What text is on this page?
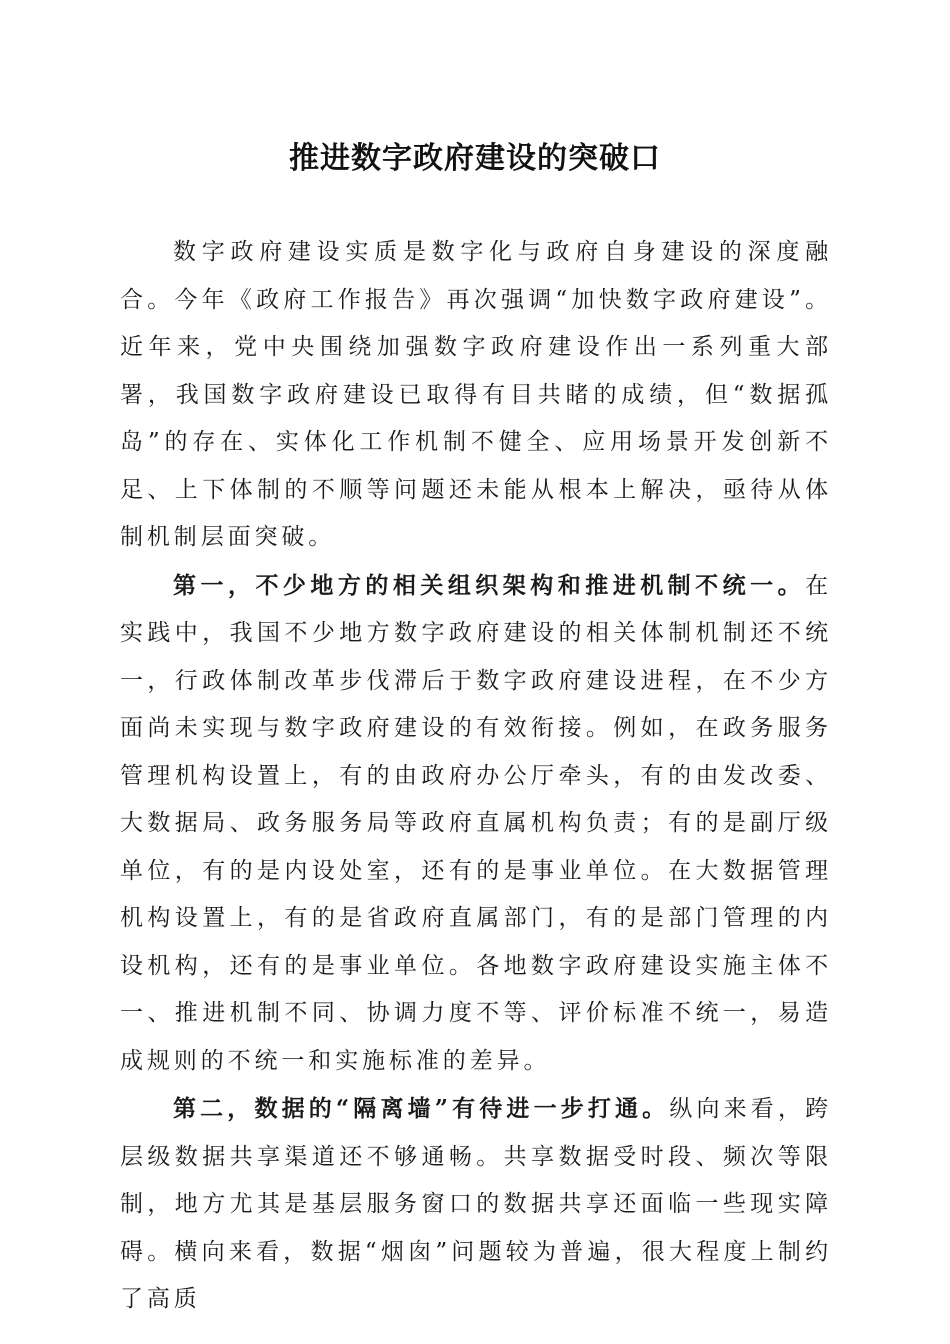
推进数字政府建设的突破口

数字政府建设实质是数字化与政府自身建设的深度融合。今年《政府工作报告》再次强调“加快数字政府建设”。近年来，党中央围绕加强数字政府建设作出一系列重大部署，我国数字政府建设已取得有目共睹的成绩，但“数据孤岛”的存在、实体化工作机制不健全、应用场景开发创新不足、上下体制的不顺等问题还未能从根本上解决，亟待从体制机制层面突破。

第一，不少地方的相关组织架构和推进机制不统一。在实践中，我国不少地方数字政府建设的相关体制机制还不统一，行政体制改革步伐滞后于数字政府建设进程，在不少方面尚未实现与数字政府建设的有效衔接。例如，在政务服务管理机构设置上，有的由政府办公厅牵头，有的由发改委、大数据局、政务服务局等政府直属机构负责；有的是副厅级单位，有的是内设处室，还有的是事业单位。在大数据管理机构设置上，有的是省政府直属部门，有的是部门管理的内设机构，还有的是事业单位。各地数字政府建设实施主体不一、推进机制不同、协调力度不等、评价标准不统一，易造成规则的不统一和实施标准的差异。

第二，数据的“隔离墙”有待进一步打通。纵向来看，跨层级数据共享渠道还不够通畅。共享数据受时段、频次等限制，地方尤其是基层服务窗口的数据共享还面临一些现实障碍。横向来看，数据“烟囱”问题较为普遍，很大程度上制约了高质
